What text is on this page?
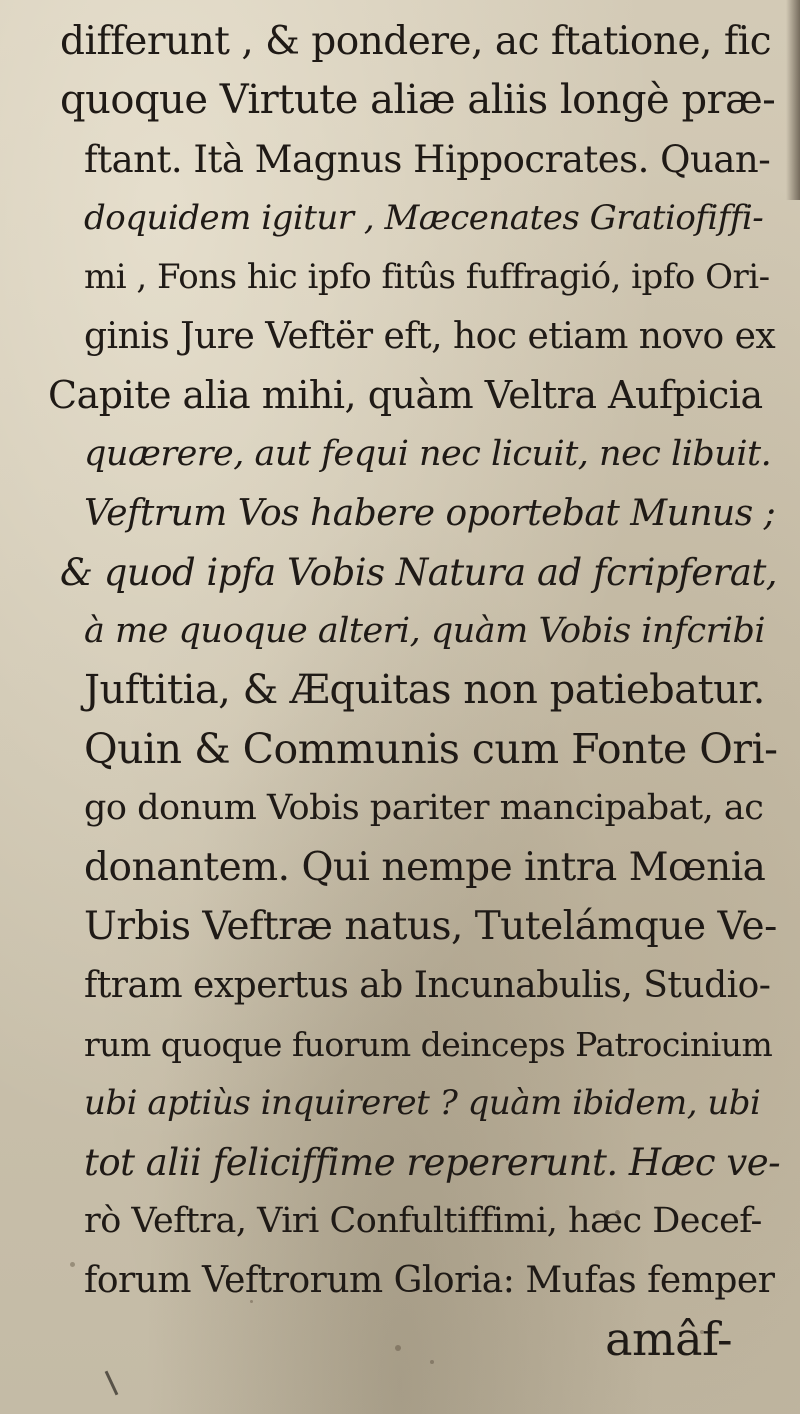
differunt , & pondere, ac ftatione, fic
quoque Virtute aliæ aliis longè præ-
ftant. Ità Magnus Hippocrates. Quan-
doquidem igitur , Mæcenates Gratiofiffi-
mi , Fons hic ipfo fitûs fuffragió, ipfo Ori-
ginis Jure Veftër eft, hoc etiam novo ex
Capite alia mihi, quàm Veltra Aufpicia
quærere, aut fequi nec licuit, nec libuit.
Veftrum Vos habere oportebat Munus ;
& quod ipfa Vobis Natura ad fcripferat,
à me quoque alteri, quàm Vobis infcribi
Juftitia, & Æquitas non patiebatur.
Quin & Communis cum Fonte Ori-
go donum Vobis pariter mancipabat, ac
donantem. Qui nempe intra Mœnia
Urbis Veftræ natus, Tutelámque Ve-
ftram expertus ab Incunabulis, Studio-
rum quoque fuorum deinceps Patrocinium
ubi aptiùs inquireret ? quàm ibidem, ubi
tot alii feliciffime repererunt. Hæc ve-
rò Veftra, Viri Confultiffimi, hæc Decef-
forum Veftrorum Gloria: Mufas femper
amâf-
